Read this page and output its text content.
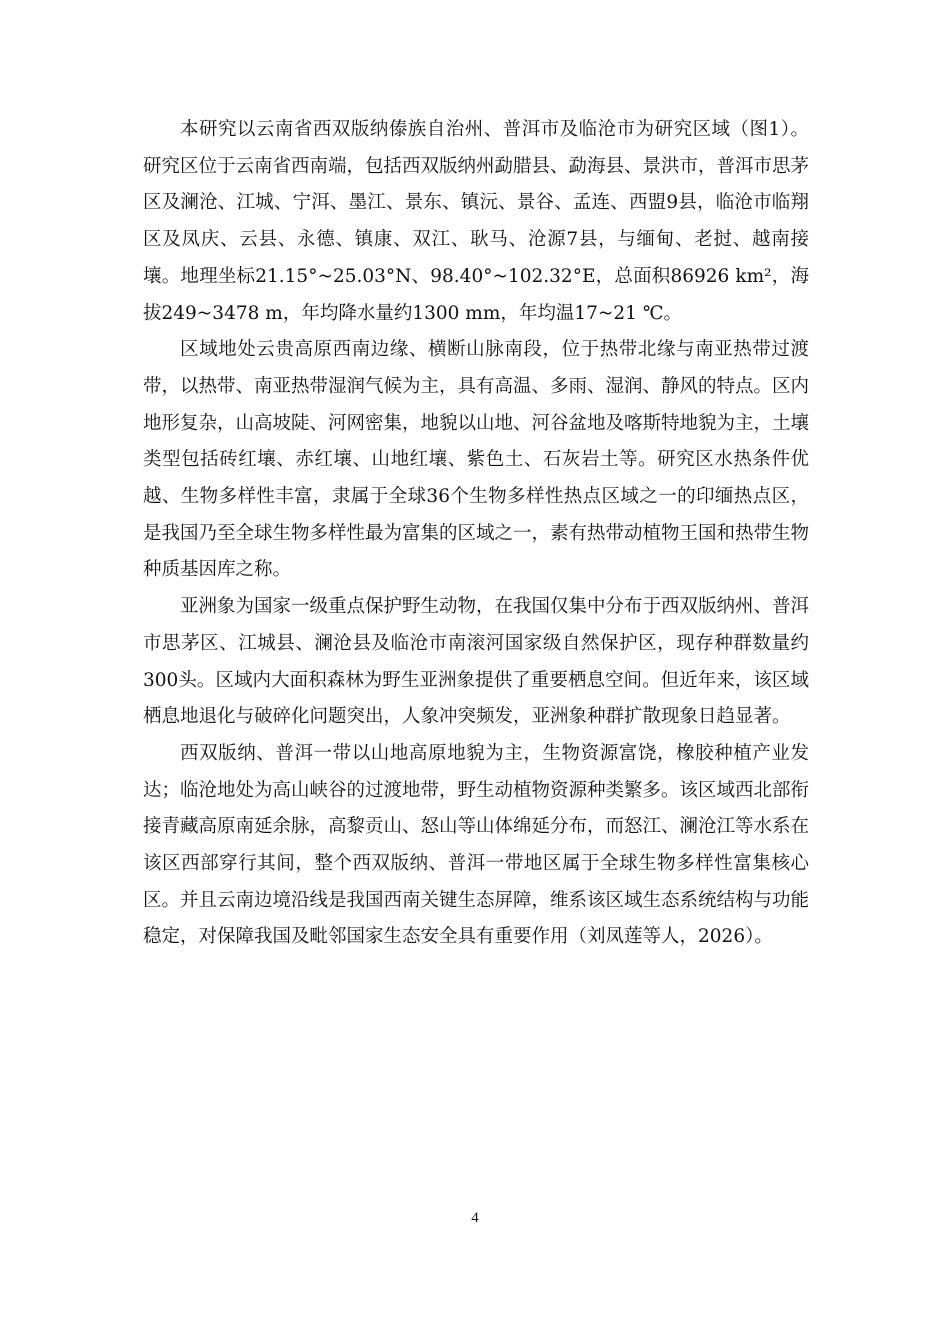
本研究以云南省西双版纳傣族自治州、普洱市及临沧市为研究区域（图1）。研究区位于云南省西南端，包括西双版纳州勐腊县、勐海县、景洪市，普洱市思茅区及澜沧、江城、宁洱、墨江、景东、镇沅、景谷、孟连、西盟9县，临沧市临翔区及凤庆、云县、永德、镇康、双江、耿马、沧源7县，与缅甸、老挝、越南接壤。地理坐标21.15°~25.03°N、98.40°~102.32°E，总面积86926 km²，海拔249~3478 m，年均降水量约1300 mm，年均温17~21 ℃。

区域地处云贵高原西南边缘、横断山脉南段，位于热带北缘与南亚热带过渡带，以热带、南亚热带湿润气候为主，具有高温、多雨、湿润、静风的特点。区内地形复杂，山高坡陡、河网密集，地貌以山地、河谷盆地及喀斯特地貌为主，土壤类型包括砖红壤、赤红壤、山地红壤、紫色土、石灰岩土等。研究区水热条件优越、生物多样性丰富，隶属于全球36个生物多样性热点区域之一的印缅热点区，是我国乃至全球生物多样性最为富集的区域之一，素有热带动植物王国和热带生物种质基因库之称。

亚洲象为国家一级重点保护野生动物，在我国仅集中分布于西双版纳州、普洱市思茅区、江城县、澜沧县及临沧市南滚河国家级自然保护区，现存种群数量约300头。区域内大面积森林为野生亚洲象提供了重要栖息空间。但近年来，该区域栖息地退化与破碎化问题突出，人象冲突频发，亚洲象种群扩散现象日趋显著。

西双版纳、普洱一带以山地高原地貌为主，生物资源富饶，橡胶种植产业发达；临沧地处为高山峡谷的过渡地带，野生动植物资源种类繁多。该区域西北部衔接青藏高原南延余脉，高黎贡山、怒山等山体绵延分布，而怒江、澜沧江等水系在该区西部穿行其间，整个西双版纳、普洱一带地区属于全球生物多样性富集核心区。并且云南边境沿线是我国西南关键生态屏障，维系该区域生态系统结构与功能稳定，对保障我国及毗邻国家生态安全具有重要作用（刘凤莲等人，2026）。

4
